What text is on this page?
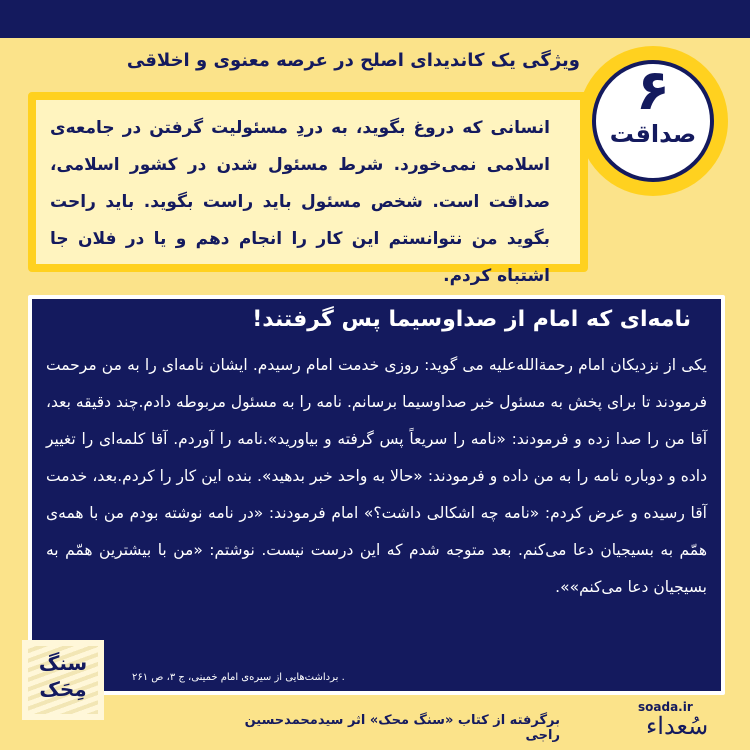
ویژگی یک کاندیدای اصلح در عرصه معنوی و اخلاقی ۶
صداقت

انسانی که دروغ بگوید، به دردِ مسئولیت گرفتن در جامعه‌ی اسلامی نمی‌خورد. شرط مسئول شدن در کشور اسلامی، صداقت است. شخص مسئول باید راست بگوید. باید راحت بگوید من نتوانستم این کار را انجام دهم و یا در فلان جا اشتباه کردم.

نامه‌ای که امام از صداوسیما پس گرفتند!
یکی از نزدیکان امام رحمةالله‌علیه می گوید: روزی خدمت امام رسیدم. ایشان نامه‌ای را به من مرحمت فرمودند تا برای پخش به مسئول خبر صداوسیما برسانم. نامه را به مسئول مربوطه دادم.چند دقیقه بعد، آقا من را صدا زده و فرمودند: «نامه را سریعاً پس گرفته و بیاورید».نامه را آوردم. آقا کلمه‌ای را تغییر داده و دوباره نامه را به من داده و فرمودند: «حالا به واحد خبر بدهید». بنده این کار را کردم.بعد، خدمت آقا رسیده و عرض کردم: «نامه چه اشکالی داشت؟» امام فرمودند: «در نامه نوشته بودم من با همه‌ی همّم به بسیجیان دعا می‌کنم. بعد متوجه شدم که این درست نیست. نوشتم: «من با بیشترین همّم به بسیجیان دعا می‌کنم»».
. برداشت‌هایی از سیره‌ی امام خمینی، ج ۳، ص ۲۶۱
سنگ
مِحَک
برگرفته از کتاب «سنگ محک» اثر سیدمحمدحسین راجی
soada.ir
سُعداء
